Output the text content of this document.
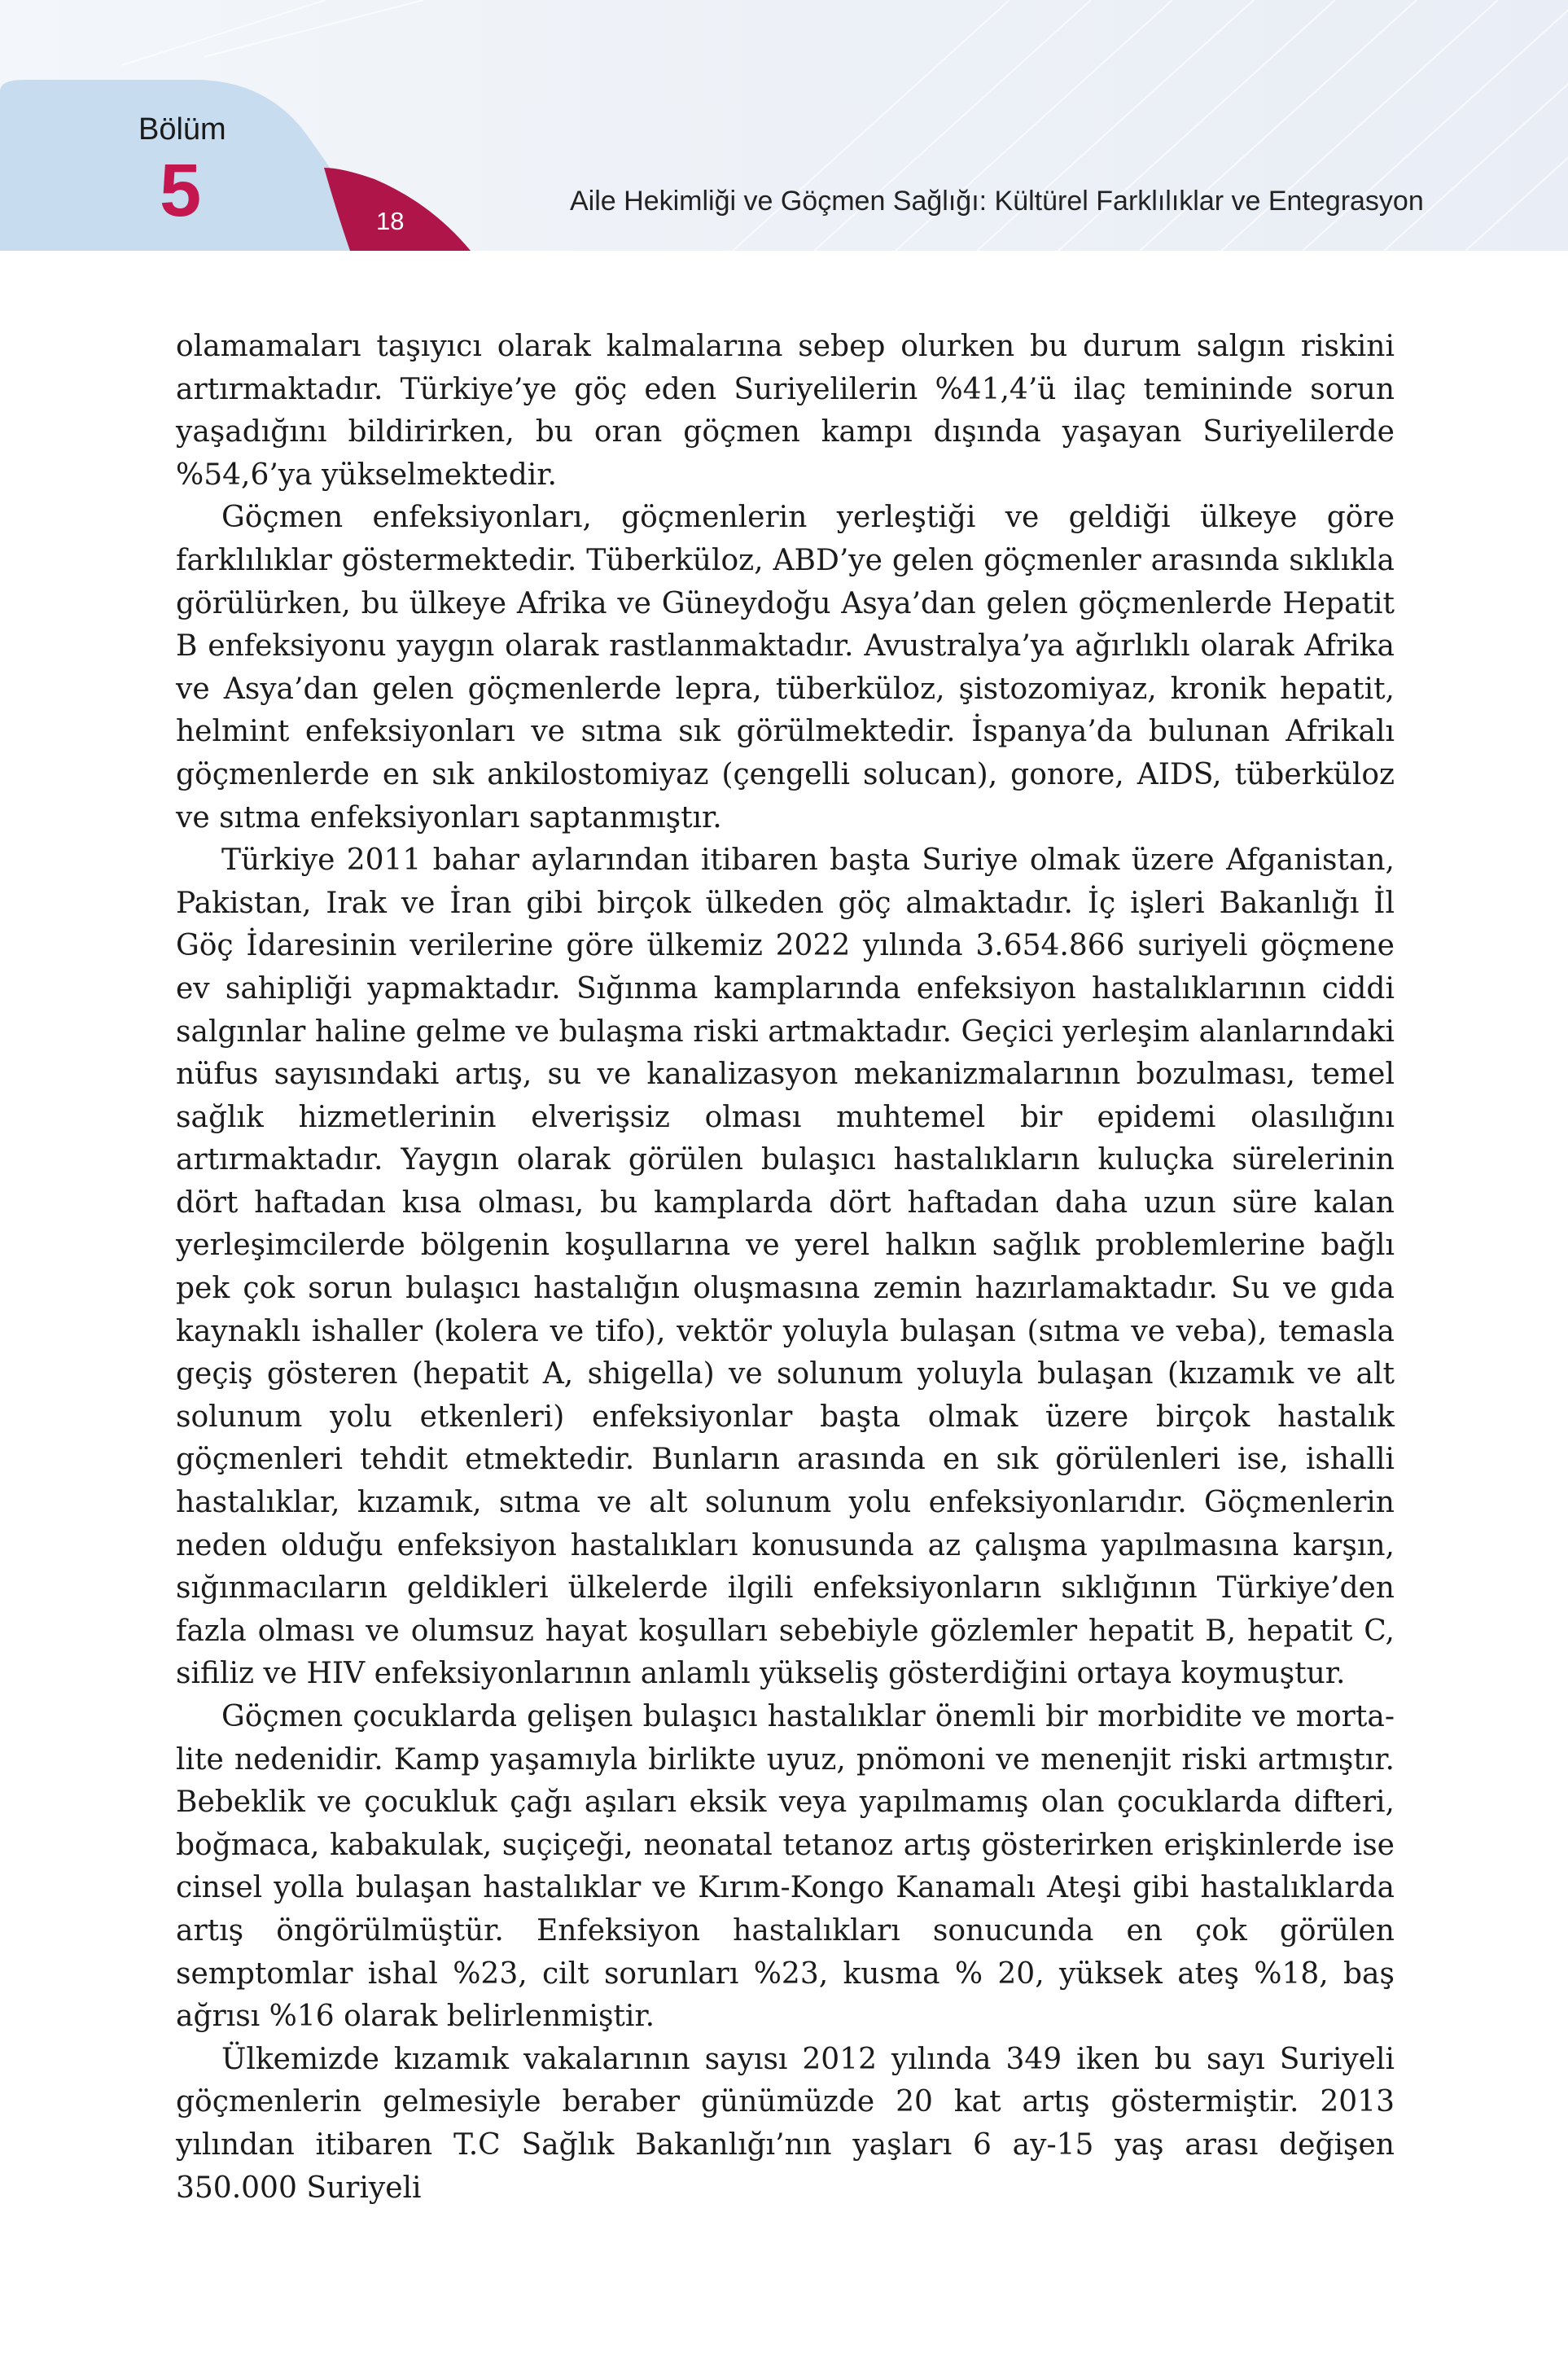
Bölüm
5	18
Aile Hekimliği ve Göçmen Sağlığı: Kültürel Farklılıklar ve Entegrasyon

olamamaları taşıyıcı olarak kalmalarına sebep olurken bu durum salgın riskini artırmaktadır. Türkiye’ye göç eden Suriyelilerin %41,4’ü ilaç temininde sorun yaşadığını bildirirken, bu oran göçmen kampı dışında yaşayan Suriyelilerde %54,6’ya yükselmektedir.

Göçmen enfeksiyonları, göçmenlerin yerleştiği ve geldiği ülkeye göre farklılıklar göstermektedir. Tüberküloz, ABD’ye gelen göçmenler arasında sıklıkla görülürken, bu ülkeye Afrika ve Güneydoğu Asya’dan gelen göçmenlerde Hepatit B enfeksiyonu yaygın olarak rastlanmaktadır. Avustralya’ya ağırlıklı olarak Afrika ve Asya’dan gelen göçmenlerde lepra, tüberküloz, şistozomiyaz, kronik hepatit, helmint enfeksiyonları ve sıtma sık görülmektedir. İspanya’da bulunan Afrikalı göçmenlerde en sık ankilostomiyaz (çengelli solucan), gonore, AIDS, tüberküloz ve sıtma enfeksiyonları saptanmıştır.

Türkiye 2011 bahar aylarından itibaren başta Suriye olmak üzere Afganistan, Pakistan, Irak ve İran gibi birçok ülkeden göç almaktadır. İç işleri Bakanlığı İl Göç İdaresinin verilerine göre ülkemiz 2022 yılında 3.654.866 suriyeli göçmene ev sahipliği yapmaktadır. Sığınma kamplarında enfeksiyon hastalıklarının ciddi salgınlar haline gelme ve bulaşma riski artmaktadır. Geçici yerleşim alanlarındaki nüfus sayısındaki artış, su ve kanalizasyon mekanizmalarının bozulması, temel sağlık hizmetlerinin elverişsiz olması muhtemel bir epidemi olasılığını artırmaktadır. Yaygın olarak görülen bulaşıcı hastalıkların kuluçka sürelerinin dört haftadan kısa olması, bu kamplarda dört haftadan daha uzun süre kalan yerleşimcilerde bölgenin koşullarına ve yerel halkın sağlık problemlerine bağlı pek çok sorun bulaşıcı hastalığın oluşmasına zemin hazırlamaktadır. Su ve gıda kaynaklı ishaller (kolera ve tifo), vektör yoluyla bulaşan (sıtma ve veba), temasla geçiş gösteren (hepatit A, shigella) ve solunum yoluyla bulaşan (kızamık ve alt solunum yolu etkenleri) enfeksiyonlar başta olmak üzere birçok hastalık göçmenleri tehdit etmektedir. Bunların arasında en sık görülenleri ise, ishalli hastalıklar, kızamık, sıtma ve alt solunum yolu enfeksiyonlarıdır. Göçmenlerin neden olduğu enfeksiyon hastalıkları konusunda az çalışma yapılmasına karşın, sığınmacıların geldikleri ülkelerde ilgili enfeksiyonların sıklığının Türkiye’den fazla olması ve olumsuz hayat koşulları sebebiyle gözlemler hepatit B, hepatit C, sifiliz ve HIV enfeksiyonlarının anlamlı yükseliş gösterdiğini ortaya koymuştur.

Göçmen çocuklarda gelişen bulaşıcı hastalıklar önemli bir morbidite ve mortalite nedenidir. Kamp yaşamıyla birlikte uyuz, pnömoni ve menenjit riski artmıştır. Bebeklik ve çocukluk çağı aşıları eksik veya yapılmamış olan çocuklarda difteri, boğmaca, kabakulak, suçiçeği, neonatal tetanoz artış gösterirken erişkinlerde ise cinsel yolla bulaşan hastalıklar ve Kırım-Kongo Kanamalı Ateşi gibi hastalıklarda artış öngörülmüştür. Enfeksiyon hastalıkları sonucunda en çok görülen semptomlar ishal %23, cilt sorunları %23, kusma % 20, yüksek ateş %18, baş ağrısı %16 olarak belirlenmiştir.

Ülkemizde kızamık vakalarının sayısı 2012 yılında 349 iken bu sayı Suriyeli göçmenlerin gelmesiyle beraber günümüzde 20 kat artış göstermiştir. 2013 yılından itibaren T.C Sağlık Bakanlığı’nın yaşları 6 ay-15 yaş arası değişen 350.000 Suriyeli
